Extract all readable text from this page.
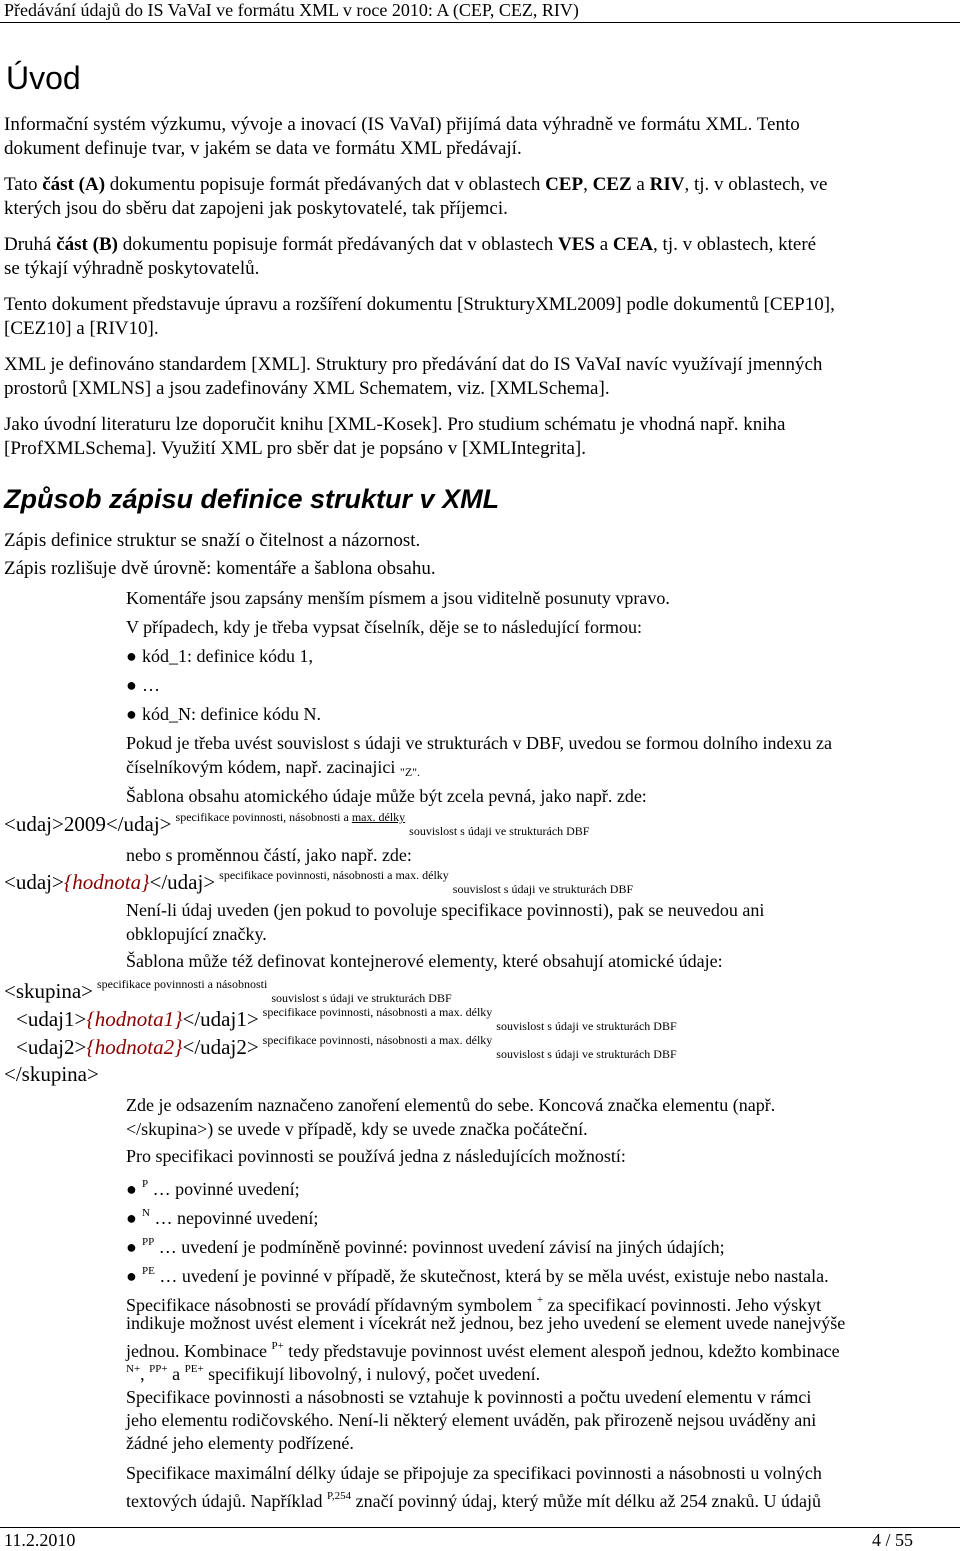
Předávání údajů do IS VaVaI ve formátu XML v roce 2010: A (CEP, CEZ, RIV)
Úvod
Informační systém výzkumu, vývoje a inovací (IS VaVaI) přijímá data výhradně ve formátu XML. Tento
dokument definuje tvar, v jakém se data ve formátu XML předávají.
Tato část (A) dokumentu popisuje formát předávaných dat v oblastech CEP, CEZ a RIV, tj. v oblastech, ve
kterých jsou do sběru dat zapojeni jak poskytovatelé, tak příjemci.
Druhá část (B) dokumentu popisuje formát předávaných dat v oblastech VES a CEA, tj. v oblastech, které
se týkají výhradně poskytovatelů.
Tento dokument představuje úpravu a rozšíření dokumentu [StrukturyXML2009] podle dokumentů [CEP10],
[CEZ10] a [RIV10].
XML je definováno standardem [XML]. Struktury pro předávání dat do IS VaVaI navíc využívají jmenných
prostorů [XMLNS] a jsou zadefinovány XML Schematem, viz. [XMLSchema].
Jako úvodní literaturu lze doporučit knihu [XML-Kosek]. Pro studium schématu je vhodná např. kniha
[ProfXMLSchema]. Využití XML pro sběr dat je popsáno v [XMLIntegrita].
Způsob zápisu definice struktur v XML
Zápis definice struktur se snaží o čitelnost a názornost.
Zápis rozlišuje dvě úrovně: komentáře a šablona obsahu.
Komentáře jsou zapsány menším písmem a jsou viditelně posunuty vpravo.
V případech, kdy je třeba vypsat číselník, děje se to následující formou:
● kód_1: definice kódu 1,
● …
● kód_N: definice kódu N.
Pokud je třeba uvést souvislost s údaji ve strukturách v DBF, uvedou se formou dolního indexu za
číselníkovým kódem, např. zacinajici "Z".
Šablona obsahu atomického údaje může být zcela pevná, jako např. zde:
<udaj>2009</udaj> $^{specifikace povinnosti, násobnosti a max. délky}$ $_{souvislost s údaji ve strukturách DBF}$
nebo s proměnnou částí, jako např. zde:
<udaj>{hodnota}</udaj> $^{specifikace povinnosti, násobnosti a max. délky}$ $_{souvislost s údaji ve strukturách DBF}$
Není-li údaj uveden (jen pokud to povoluje specifikace povinnosti), pak se neuvedou ani
obklopující značky.
Šablona může též definovat kontejnerové elementy, které obsahují atomické údaje:
<skupina> $^{specifikace povinnosti a násobnosti}$ $_{souvislost s údaji ve strukturách DBF}$
<udaj1>{hodnota1}</udaj1> $^{specifikace povinnosti, násobnosti a max. délky}$ $_{souvislost s údaji ve strukturách DBF}$
<udaj2>{hodnota2}</udaj2> $^{specifikace povinnosti, násobnosti a max. délky}$ $_{souvislost s údaji ve strukturách DBF}$
</skupina>
Zde je odsazením naznačeno zanoření elementů do sebe. Koncová značka elementu (např.
</skupina>) se uvede v případě, kdy se uvede značka počáteční.
Pro specifikaci povinnosti se používá jedna z následujících možností:
● $^P$ … povinné uvedení;
● $^N$ … nepovinné uvedení;
● $^{PP}$ … uvedení je podmíněně povinné: povinnost uvedení závisí na jiných údajích;
● $^{PE}$ … uvedení je povinné v případě, že skutečnost, která by se měla uvést, existuje nebo nastala.
Specifikace násobnosti se provádí přídavným symbolem + za specifikací povinnosti. Jeho výskyt
indikuje možnost uvést element i vícekrát než jednou, bez jeho uvedení se element uvede nanejvýše
jednou. Kombinace $^{P+}$ tedy představuje povinnost uvést element alespoň jednou, kdežto kombinace
$^{N+}$, $^{PP+}$ a $^{PE+}$ specifikují libovolný, i nulový, počet uvedení.
Specifikace povinnosti a násobnosti se vztahuje k povinnosti a počtu uvedení elementu v rámci
jeho elementu rodičovského. Není-li některý element uváděn, pak přirozeně nejsou uváděny ani
žádné jeho elementy podřízené.
Specifikace maximální délky údaje se připojuje za specifikaci povinnosti a násobnosti u volných
textových údajů. Například $^{P,254}$ značí povinný údaj, který může mít délku až 254 znaků. U údajů
11.2.2010	4 / 55
